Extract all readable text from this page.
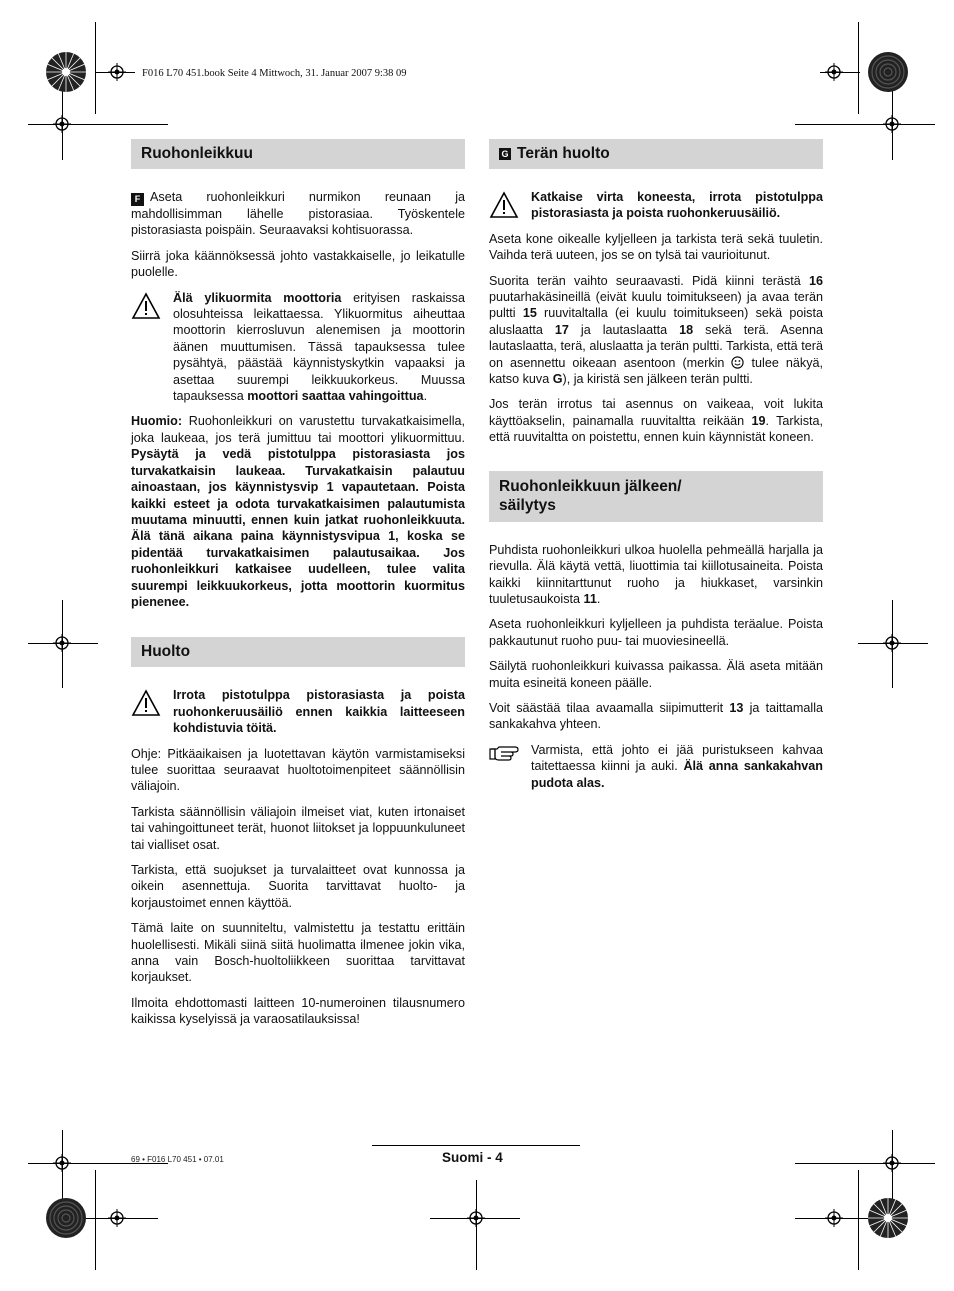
F016 L70 451.book Seite 4 Mittwoch, 31. Januar 2007 9:38 09
Ruohonleikkuu

F Aseta ruohonleikkuri nurmikon reunaan ja mahdollisimman lähelle pistorasiaa. Työskentele pistorasiasta poispäin. Seuraavaksi kohtisuorassa.

Siirrä joka käännöksessä johto vastakkaiselle, jo leikatulle puolelle.

Älä ylikuormita moottoria erityisen raskaissa olosuhteissa leikattaessa. Ylikuormitus aiheuttaa moottorin kierrosluvun alenemisen ja moottorin äänen muuttumisen. Tässä tapauksessa tulee pysähtyä, päästää käynnistyskytkin vapaaksi ja asettaa suurempi leikkuukorkeus. Muussa tapauksessa moottori saattaa vahingoittua.

Huomio: Ruohonleikkuri on varustettu turvakatkaisimella, joka laukeaa, jos terä jumittuu tai moottori ylikuormittuu. Pysäytä ja vedä pistotulppa pistorasiasta jos turvakatkaisin laukeaa. Turvakatkaisin palautuu ainoastaan, jos käynnistysvip 1 vapautetaan. Poista kaikki esteet ja odota turvakatkaisimen palautumista muutama minuutti, ennen kuin jatkat ruohonleikkuuta. Älä tänä aikana paina käynnistysvipua 1, koska se pidentää turvakatkaisimen palautusaikaa. Jos ruohonleikkuri katkaisee uudelleen, tulee valita suurempi leikkuukorkeus, jotta moottorin kuormitus pienenee.

Huolto
Irrota pistotulppa pistorasiasta ja poista ruohonkeruusäiliö ennen kaikkia laitteeseen kohdistuvia töitä.

Ohje: Pitkäaikaisen ja luotettavan käytön varmistamiseksi tulee suorittaa seuraavat huoltotoimenpiteet säännöllisin väliajoin.

Tarkista säännöllisin väliajoin ilmeiset viat, kuten irtonaiset tai vahingoittuneet terät, huonot liitokset ja loppuunkuluneet tai vialliset osat.

Tarkista, että suojukset ja turvalaitteet ovat kunnossa ja oikein asennettuja. Suorita tarvittavat huolto- ja korjaustoimet ennen käyttöä.

Tämä laite on suunniteltu, valmistettu ja testattu erittäin huolellisesti. Mikäli siinä siitä huolimatta ilmenee jokin vika, anna vain Bosch-huoltoliikkeen suorittaa tarvittavat korjaukset.

Ilmoita ehdottomasti laitteen 10-numeroinen tilausnumero kaikissa kyselyissä ja varaosatilauksissa!

G Terän huolto
Katkaise virta koneesta, irrota pistotulppa pistorasiasta ja poista ruohonkeruusäiliö.

Aseta kone oikealle kyljelleen ja tarkista terä sekä tuuletin. Vaihda terä uuteen, jos se on tylsä tai vaurioitunut.

Suorita terän vaihto seuraavasti. Pidä kiinni terästä 16 puutarhakäsineillä (eivät kuulu toimitukseen) ja avaa terän pultti 15 ruuvitaltalla (ei kuulu toimitukseen) sekä poista aluslaatta 17 ja lautaslaatta 18 sekä terä. Asenna lautaslaatta, terä, aluslaatta ja terän pultti. Tarkista, että terä on asennettu oikeaan asentoon (merkin  tulee näkyä, katso kuva G), ja kiristä sen jälkeen terän pultti.

Jos terän irrotus tai asennus on vaikeaa, voit lukita käyttöakselin, painamalla ruuvitaltta reikään 19. Tarkista, että ruuvitaltta on poistettu, ennen kuin käynnistät koneen.

Ruohonleikkuun jälkeen/
säilytys

Puhdista ruohonleikkuri ulkoa huolella pehmeällä harjalla ja rievulla. Älä käytä vettä, liuottimia tai kiillotusaineita. Poista kaikki kiinnitarttunut ruoho ja hiukkaset, varsinkin tuuletusaukoista 11.

Aseta ruohonleikkuri kyljelleen ja puhdista teräalue. Poista pakkautunut ruoho puu- tai muoviesineellä.

Säilytä ruohonleikkuri kuivassa paikassa. Älä aseta mitään muita esineitä koneen päälle.

Voit säästää tilaa avaamalla siipimutterit 13 ja taittamalla sankakahva yhteen.

Varmista, että johto ei jää puristukseen kahvaa taitettaessa kiinni ja auki. Älä anna sankakahvan pudota alas.
69 • F016 L70 451 • 07.01	Suomi - 4
